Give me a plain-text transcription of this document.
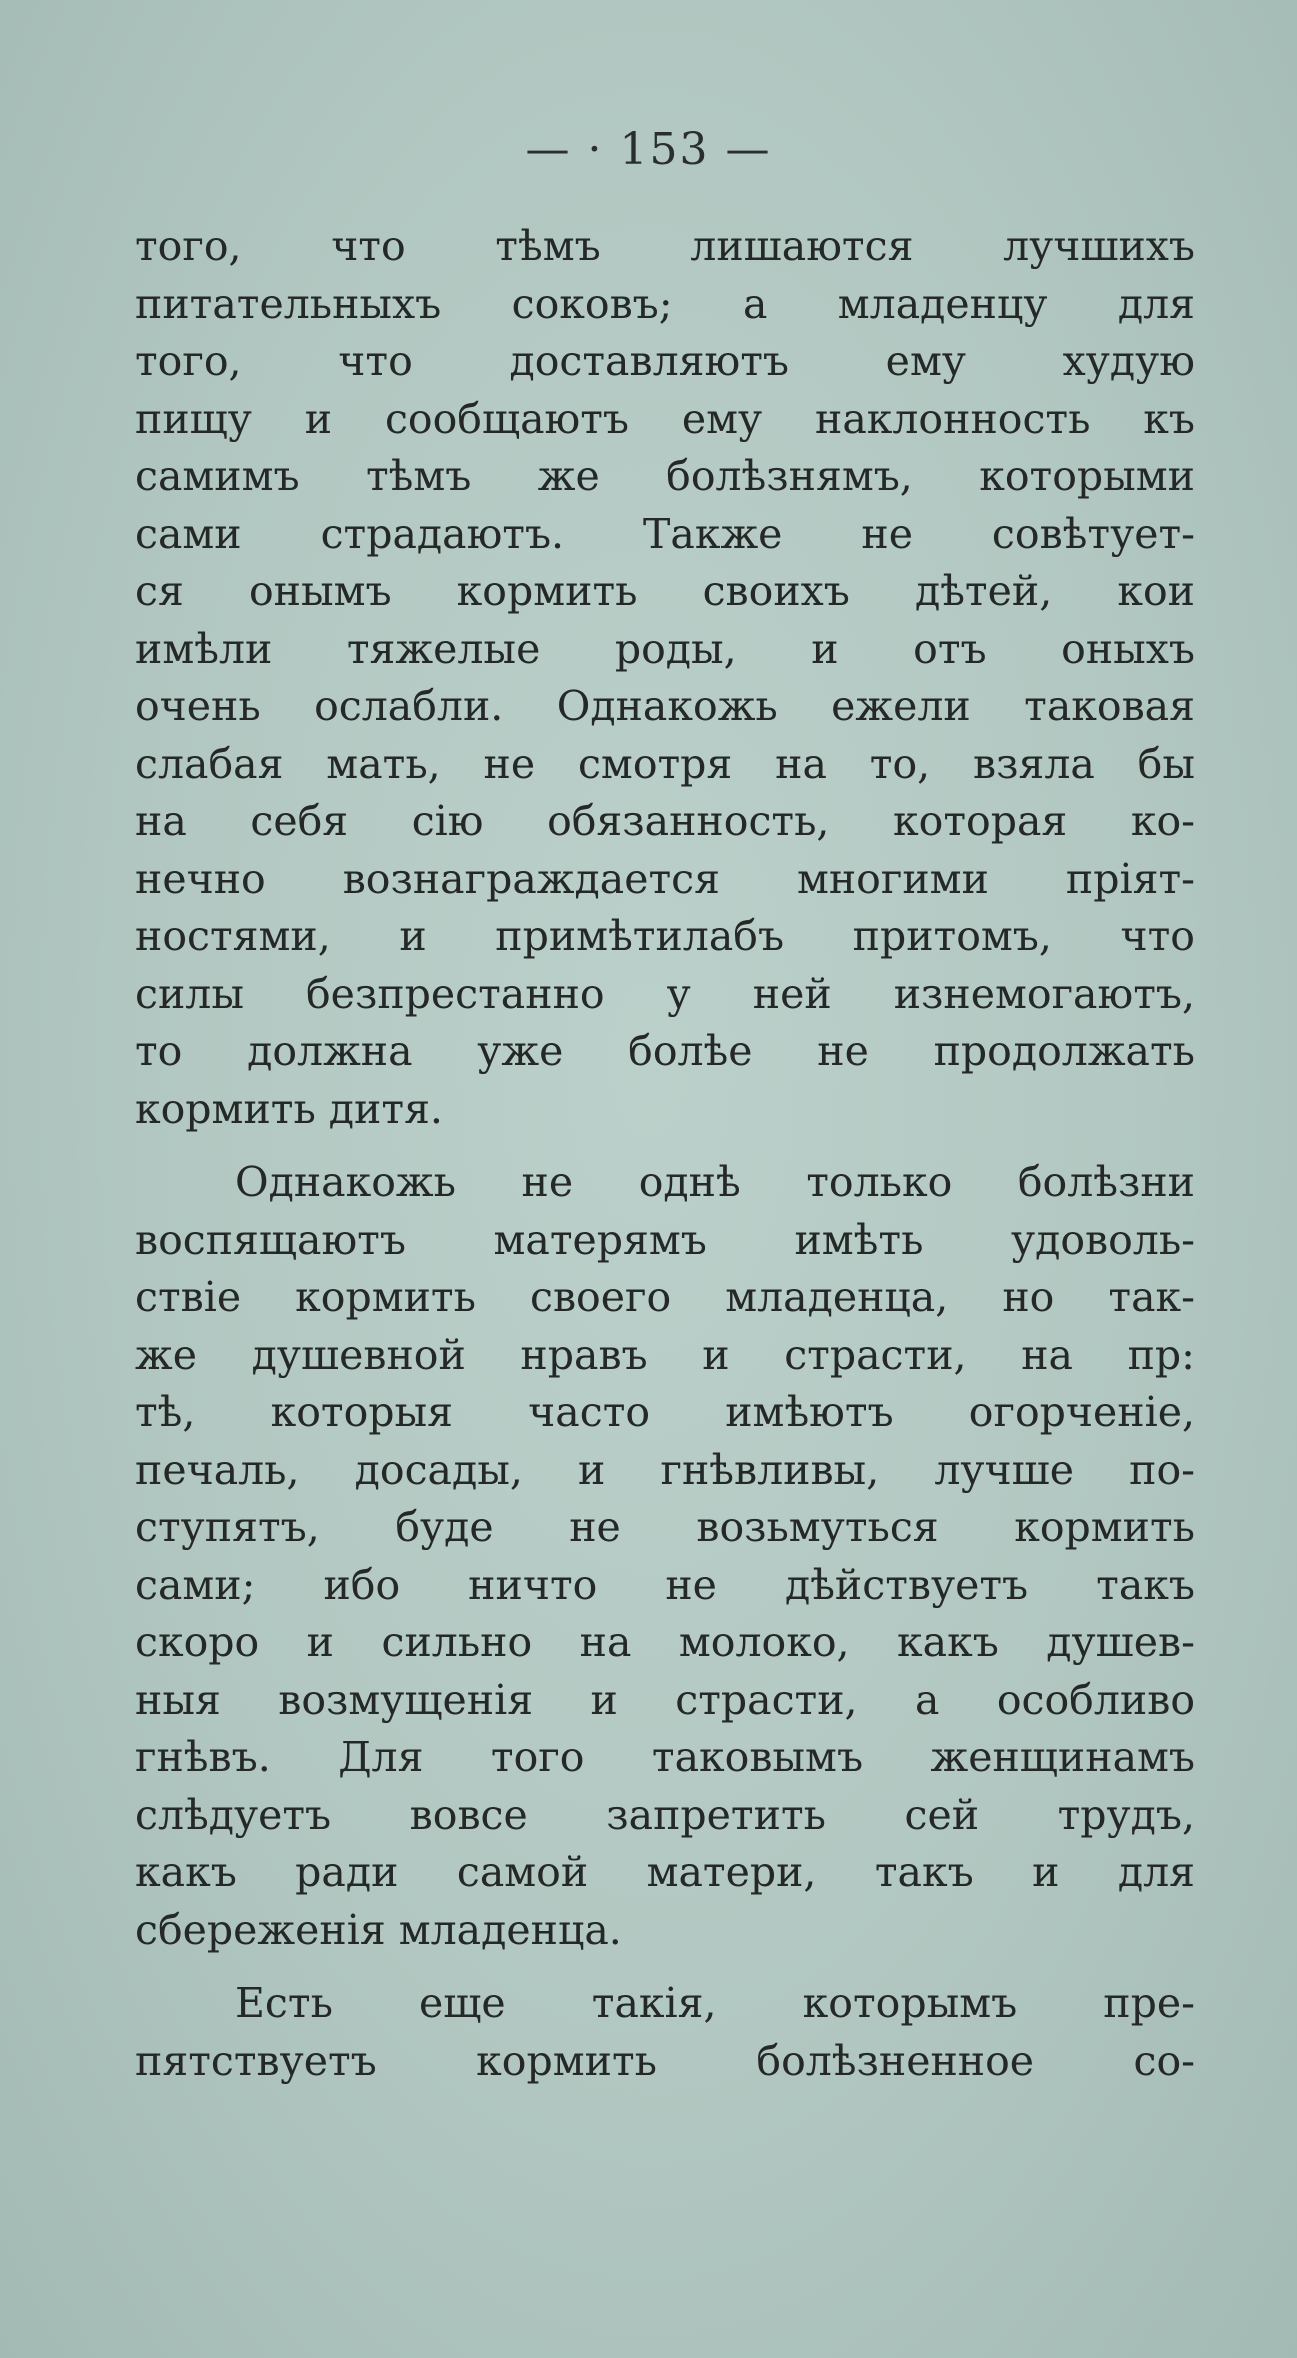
— · 153 —
того, что тѣмъ лишаются лучшихъ
питательныхъ соковъ; а младенцу для
того, что доставляютъ ему худую
пищу и сообщаютъ ему наклонность къ
самимъ тѣмъ же болѣзнямъ, которыми
сами страдаютъ. Также не совѣтует-
ся онымъ кормить своихъ дѣтей, кои
имѣли тяжелые роды, и отъ оныхъ
очень ослабли. Однакожь ежели таковая
слабая мать, не смотря на то, взяла бы
на себя сію обязанность, которая ко-
нечно вознаграждается многими пріят-
ностями, и примѣтилабъ притомъ, что
силы безпрестанно у ней изнемогаютъ,
то должна уже болѣе не продолжать
кормить дитя.
Однакожь не однѣ только болѣзни
воспящаютъ матерямъ имѣть удоволь-
ствіе кормить своего младенца, но так-
же душевной нравъ и страсти, на пр:
тѣ, которыя часто имѣютъ огорченіе,
печаль, досады, и гнѣвливы, лучше по-
ступятъ, буде не возьмуться кормить
сами; ибо ничто не дѣйствуетъ такъ
скоро и сильно на молоко, какъ душев-
ныя возмущенія и страсти, а особливо
гнѣвъ. Для того таковымъ женщинамъ
слѣдуетъ вовсе запретить сей трудъ,
какъ ради самой матери, такъ и для
сбереженія младенца.
Есть еще такія, которымъ пре-
пятствуетъ кормить болѣзненное со-
